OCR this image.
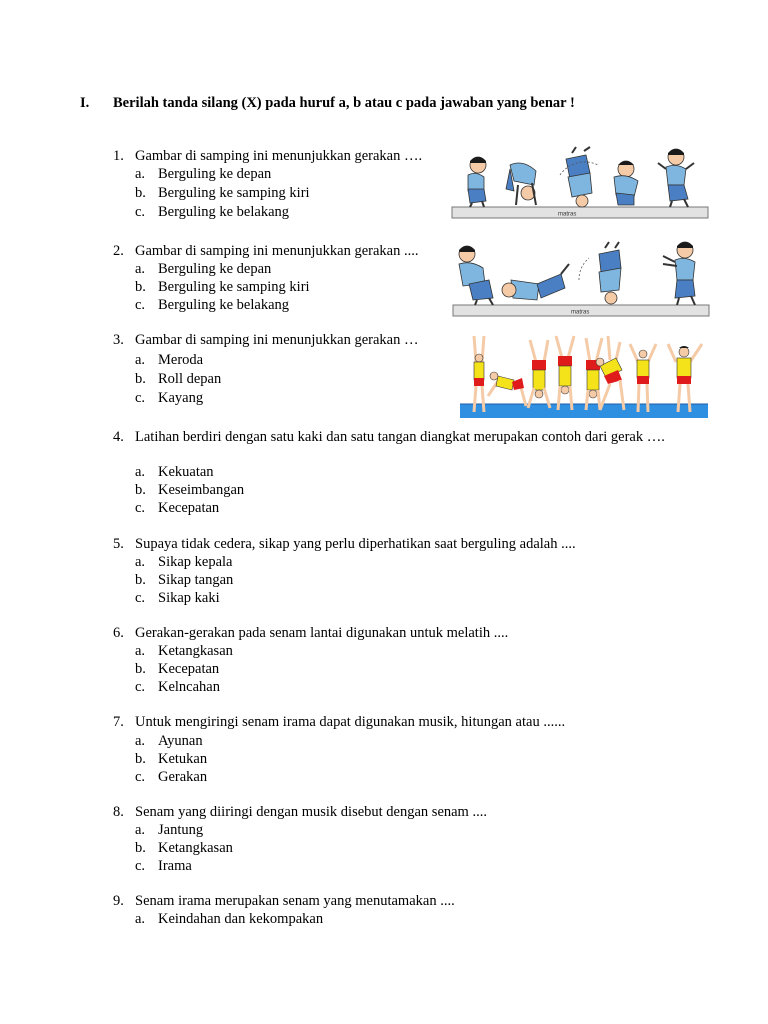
I. Berilah tanda silang (X) pada huruf a, b atau c pada jawaban yang benar !
1. Gambar di samping ini menunjukkan gerakan ….
a. Berguling ke depan
b. Berguling ke samping kiri
c. Berguling ke belakang
2. Gambar di samping ini menunjukkan gerakan ....
a. Berguling ke depan
b. Berguling ke samping kiri
c. Berguling ke belakang
3. Gambar di samping ini menunjukkan gerakan …
a. Meroda
b. Roll depan
c. Kayang
4. Latihan berdiri dengan satu kaki dan satu tangan diangkat merupakan contoh dari gerak ….
a. Kekuatan
b. Keseimbangan
c. Kecepatan
5. Supaya tidak cedera, sikap yang perlu diperhatikan saat berguling adalah ....
a. Sikap kepala
b. Sikap tangan
c. Sikap kaki
6. Gerakan-gerakan pada senam lantai digunakan untuk melatih ....
a. Ketangkasan
b. Kecepatan
c. Kelncahan
7. Untuk mengiringi senam irama dapat digunakan musik, hitungan atau ......
a. Ayunan
b. Ketukan
c. Gerakan
8. Senam yang diiringi dengan musik disebut dengan senam ....
a. Jantung
b. Ketangkasan
c. Irama
9. Senam irama merupakan senam yang menutamakan ....
a. Keindahan dan kekompakan
matras
matras
